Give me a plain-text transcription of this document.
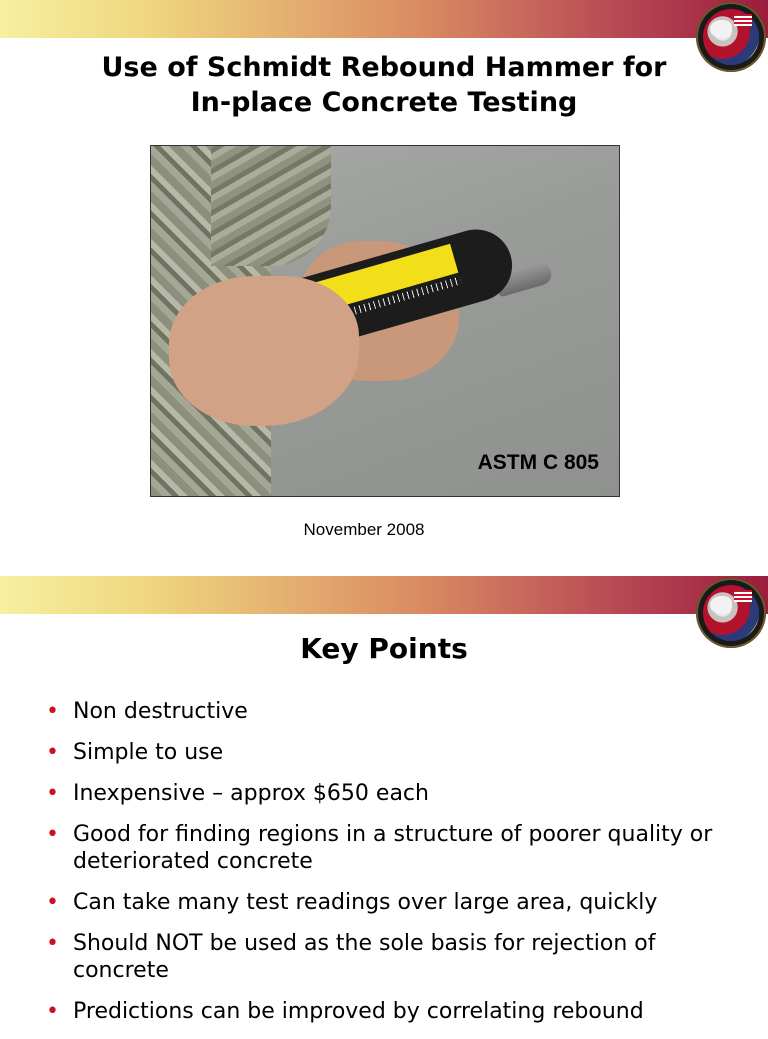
Use of Schmidt Rebound Hammer for
In-place Concrete Testing
ASTM C 805
November 2008
Key Points
• Non destructive
• Simple to use
• Inexpensive – approx $650 each
• Good for finding regions in a structure of poorer quality or deteriorated concrete
• Can take many test readings over large area, quickly
• Should NOT be used as the sole basis for rejection of concrete
• Predictions can be improved by correlating rebound
